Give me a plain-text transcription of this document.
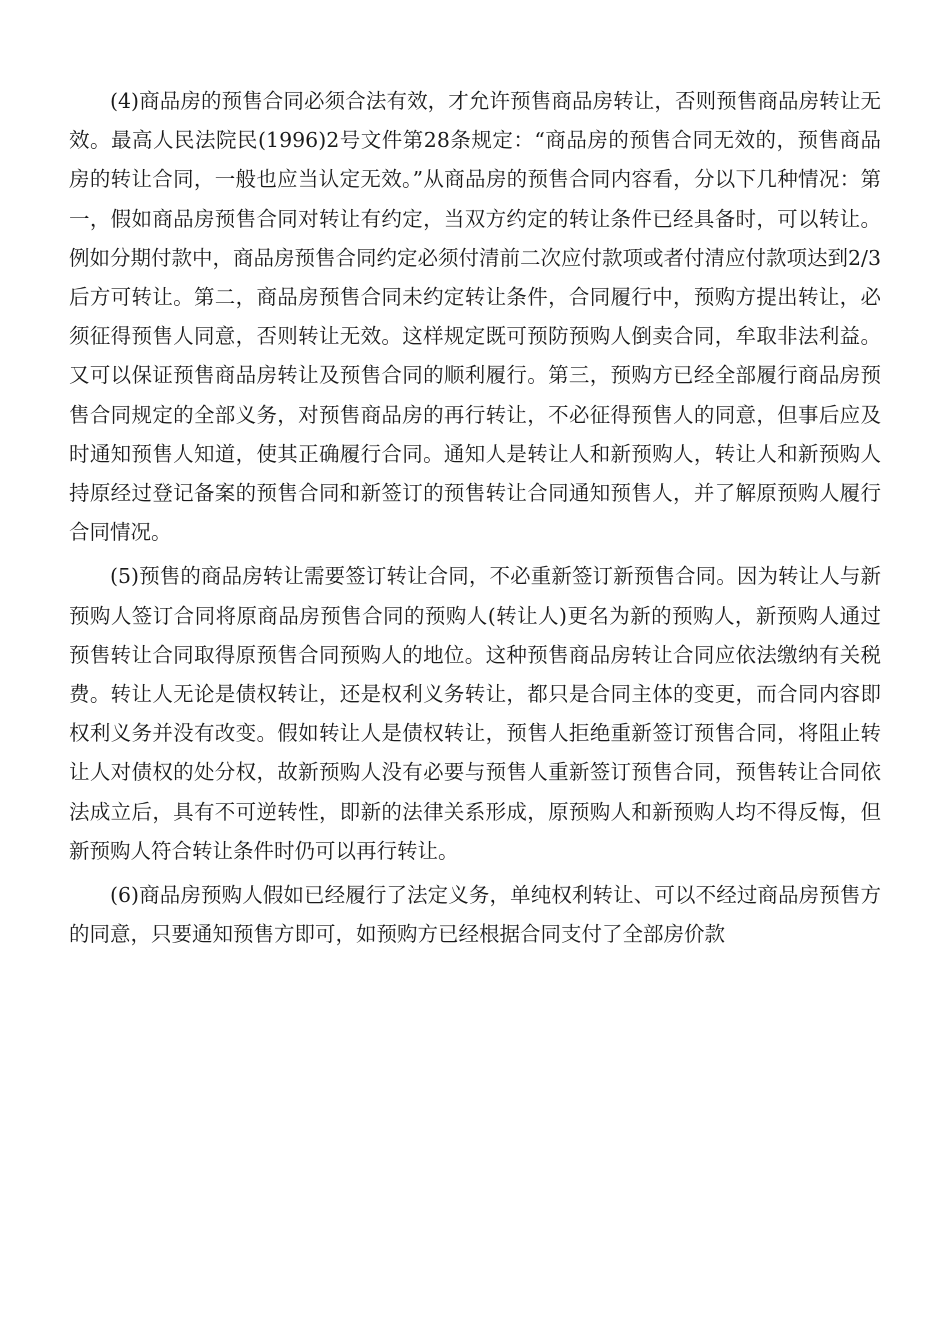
(4)商品房的预售合同必须合法有效，才允许预售商品房转让，否则预售商品房转让无效。最高人民法院民(1996)2号文件第28条规定：“商品房的预售合同无效的，预售商品房的转让合同，一般也应当认定无效。”从商品房的预售合同内容看，分以下几种情况：第一，假如商品房预售合同对转让有约定，当双方约定的转让条件已经具备时，可以转让。例如分期付款中，商品房预售合同约定必须付清前二次应付款项或者付清应付款项达到2/3后方可转让。第二，商品房预售合同未约定转让条件，合同履行中，预购方提出转让，必须征得预售人同意，否则转让无效。这样规定既可预防预购人倒卖合同，牟取非法利益。又可以保证预售商品房转让及预售合同的顺利履行。第三，预购方已经全部履行商品房预售合同规定的全部义务，对预售商品房的再行转让，不必征得预售人的同意，但事后应及时通知预售人知道，使其正确履行合同。通知人是转让人和新预购人，转让人和新预购人持原经过登记备案的预售合同和新签订的预售转让合同通知预售人，并了解原预购人履行合同情况。

(5)预售的商品房转让需要签订转让合同，不必重新签订新预售合同。因为转让人与新预购人签订合同将原商品房预售合同的预购人(转让人)更名为新的预购人，新预购人通过预售转让合同取得原预售合同预购人的地位。这种预售商品房转让合同应依法缴纳有关税费。转让人无论是债权转让，还是权利义务转让，都只是合同主体的变更，而合同内容即权利义务并没有改变。假如转让人是债权转让，预售人拒绝重新签订预售合同，将阻止转让人对债权的处分权，故新预购人没有必要与预售人重新签订预售合同，预售转让合同依法成立后，具有不可逆转性，即新的法律关系形成，原预购人和新预购人均不得反悔，但新预购人符合转让条件时仍可以再行转让。

(6)商品房预购人假如已经履行了法定义务，单纯权利转让、可以不经过商品房预售方的同意，只要通知预售方即可，如预购方已经根据合同支付了全部房价款
